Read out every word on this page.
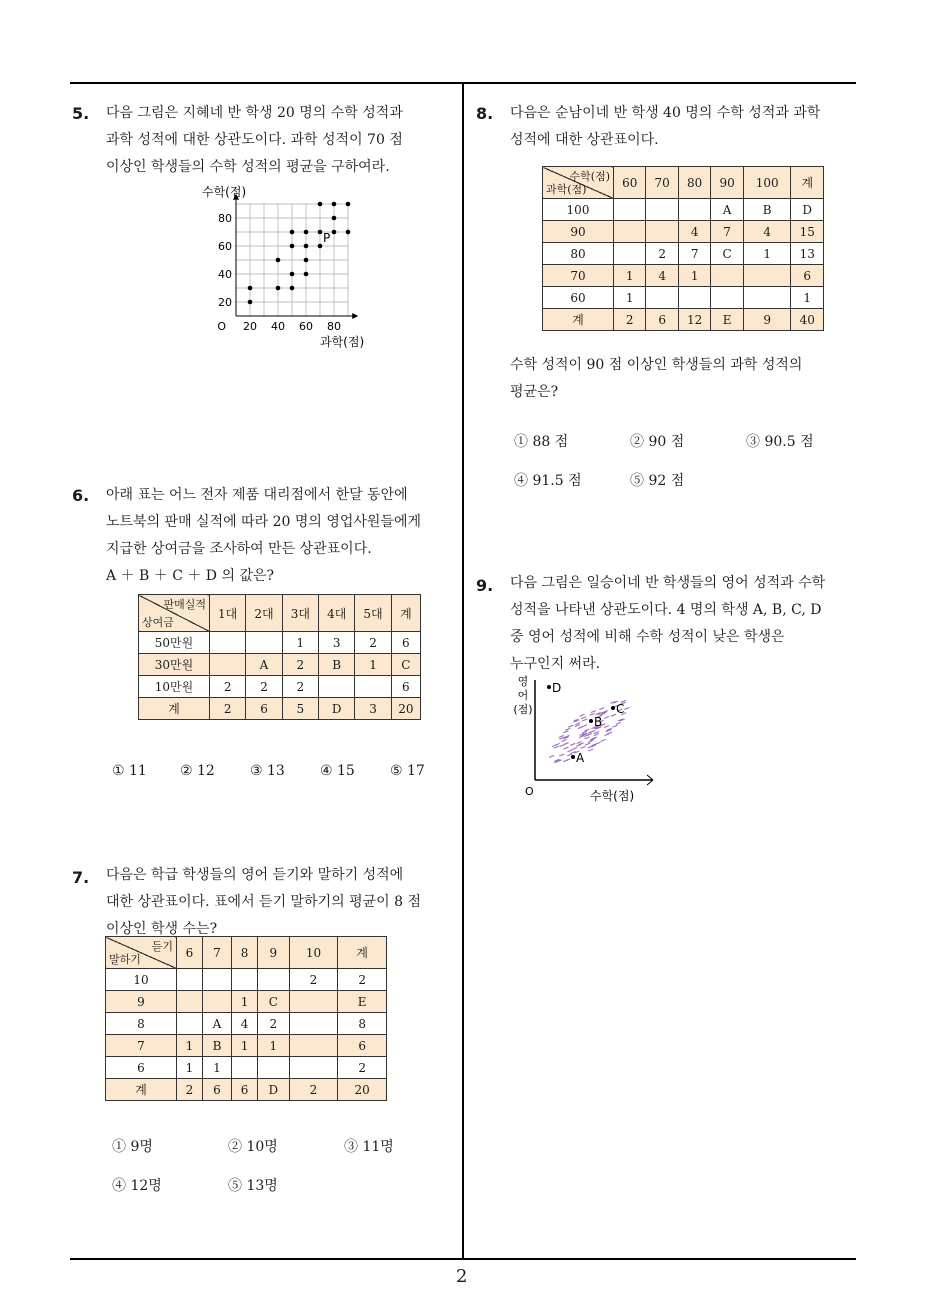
2
5. 다음 그림은 지혜네 반 학생 20 명의 수학 성적과
과학 성적에 대한 상관도이다. 과학 성적이 70 점
이상인 학생들의 수학 성적의 평균을 구하여라.
20 40 60 80
20
40
60
80
O
수학(점)
과학(점)
P
6. 아래 표는 어느 전자 제품 대리점에서 한달 동안에
노트북의 판매 실적에 따라 20 명의 영업사원들에게
지급한 상여금을 조사하여 만든 상관표이다.
A ＋ B ＋ C ＋ D 의 값은?
판매실적
상여금	1대	2대	3대	4대	5대	계
50만원			1	3	2	6
30만원		A	2	B	1	C
10만원	2	2	2			6
계	2	6	5	D	3	20
① 11 ② 12	③ 13	④ 15	⑤ 17
7. 다음은 학급 학생들의 영어 듣기와 말하기 성적에
대한 상관표이다. 표에서 듣기 말하기의 평균이 8 점
이상인 학생 수는?
듣기
말하기	6	7	8	9	10	계
10					2	2
9			1	C		E
8		A	4	2		8
7	1	B	1	1		6
6	1	1				2
계	2	6	6	D	2	20
① 9명	② 10명	③ 11명
④ 12명	⑤ 13명
8. 다음은 순남이네 반 학생 40 명의 수학 성적과 과학
성적에 대한 상관표이다.
수학(점)
과학(점)	60	70	80	90	100	계
100				A	B	D
90			4	7	4	15
80		2	7	C	1	13
70	1	4	1			6
60	1					1
계	2	6	12	E	9	40
수학 성적이 90 점 이상인 학생들의 과학 성적의
평균은?
① 88 점	② 90 점	③ 90.5 점
④ 91.5 점	⑤ 92 점
9. 다음 그림은 일승이네 반 학생들의 영어 성적과 수학
성적을 나타낸 상관도이다. 4 명의 학생 A, B, C, D
중 영어 성적에 비해 수학 성적이 낮은 학생은
누구인지 써라.
D
C
B
A
영
어
(점)
O	수학(점)
